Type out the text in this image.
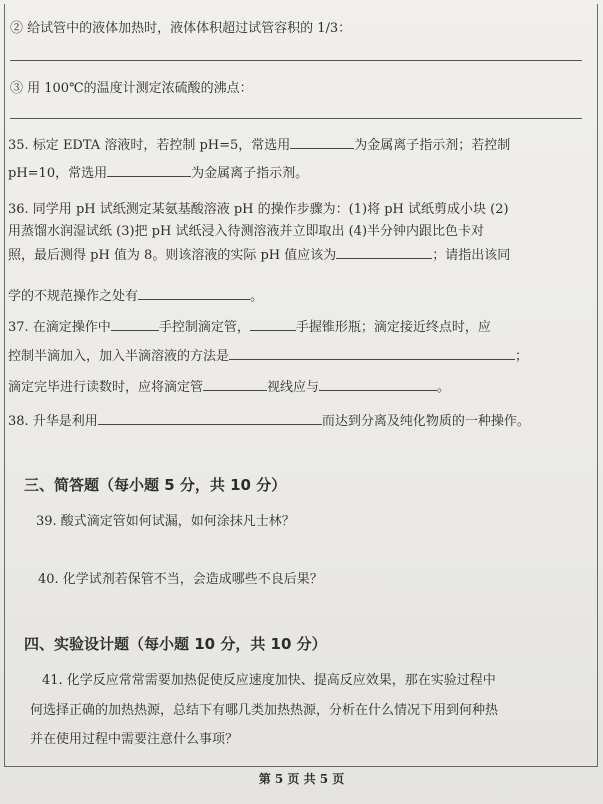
② 给试管中的液体加热时，液体体积超过试管容积的 1/3：
③ 用 100℃的温度计测定浓硫酸的沸点：
35. 标定 EDTA 溶液时，若控制 pH=5，常选用	为金属离子指示剂；若控制
pH=10，常选用	为金属离子指示剂。
36. 同学用 pH 试纸测定某氨基酸溶液 pH 的操作步骤为：(1)将 pH 试纸剪成小块 (2)
用蒸馏水润湿试纸 (3)把 pH 试纸浸入待测溶液并立即取出 (4)半分钟内跟比色卡对
照，最后测得 pH 值为 8。则该溶液的实际 pH 值应该为	；请指出该同
学的不规范操作之处有	。
37. 在滴定操作中	手控制滴定管，	手握锥形瓶；滴定接近终点时，应
控制半滴加入，加入半滴溶液的方法是	；
滴定完毕进行读数时，应将滴定管	视线应与	。
38. 升华是利用	而达到分离及纯化物质的一种操作。
三、简答题（每小题 5 分，共 10 分）
39. 酸式滴定管如何试漏，如何涂抹凡士林？
40. 化学试剂若保管不当，会造成哪些不良后果？
四、实验设计题（每小题 10 分，共 10 分）
41. 化学反应常常需要加热促使反应速度加快、提高反应效果，那在实验过程中
何选择正确的加热热源，总结下有哪几类加热热源，分析在什么情况下用到何种热
并在使用过程中需要注意什么事项？
第 5 页 共 5 页
